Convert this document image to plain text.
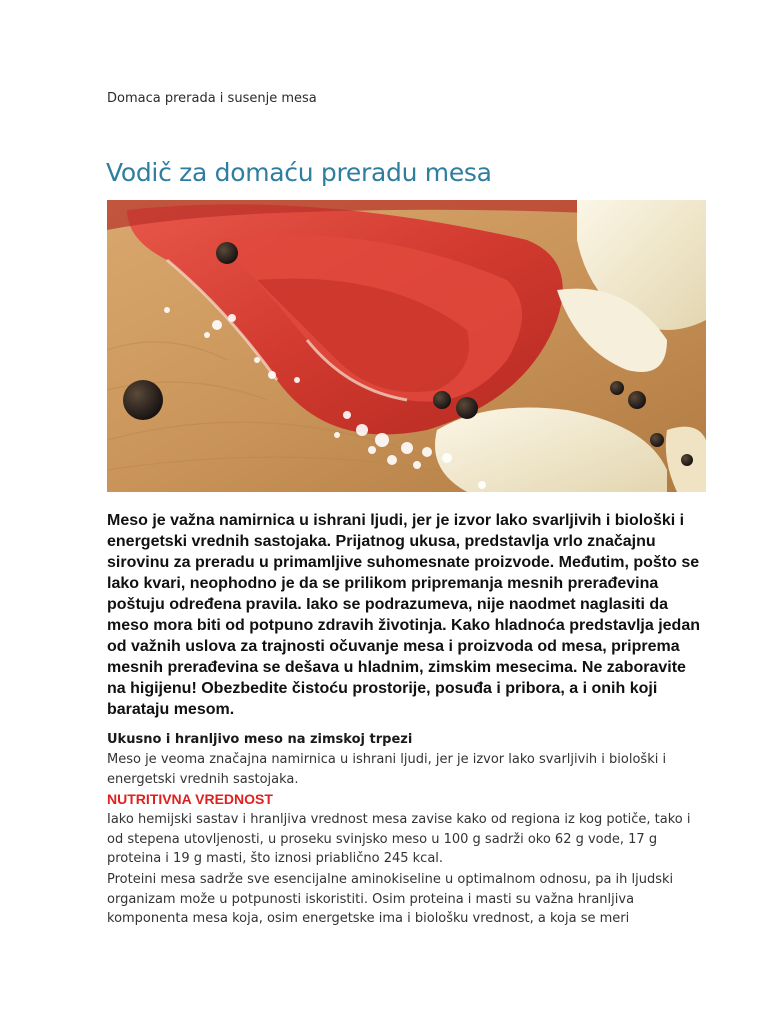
Domaca prerada i susenje mesa
Vodič za domaću preradu mesa

Meso je važna namirnica u ishrani ljudi, jer je izvor lako svarljivih i biološki i energetski vrednih sastojaka. Prijatnog ukusa, predstavlja vrlo značajnu sirovinu za preradu u primamljive suhomesnate proizvode. Međutim, pošto se lako kvari, neophodno je da se prilikom pripremanja mesnih prerađevina poštuju određena pravila. Iako se podrazumeva, nije naodmet naglasiti da meso mora biti od potpuno zdravih životinja. Kako hladnoća predstavlja jedan od važnih uslova za trajnosti očuvanje mesa i proizvoda od mesa, priprema mesnih prerađevina se dešava u hladnim, zimskim mesecima. Ne zaboravite na higijenu! Obezbedite čistoću prostorije, posuđa i pribora, a i onih koji barataju mesom.

Ukusno i hranljivo meso na zimskoj trpezi
Meso je veoma značajna namirnica u ishrani ljudi, jer je izvor lako svarljivih i biološki i energetski vrednih sastojaka.
NUTRITIVNA VREDNOST
Iako hemijski sastav i hranljiva vrednost mesa zavise kako od regiona iz kog potiče, tako i od stepena utovljenosti, u proseku svinjsko meso u 100 g sadrži oko 62 g vode, 17 g proteina i 19 g masti, što iznosi priablično 245 kcal.
Proteini mesa sadrže sve esencijalne aminokiseline u optimalnom odnosu, pa ih ljudski organizam može u potpunosti iskoristiti. Osim proteina i masti su važna hranljiva komponenta mesa koja, osim energetske ima i biološku vrednost, a koja se meri
